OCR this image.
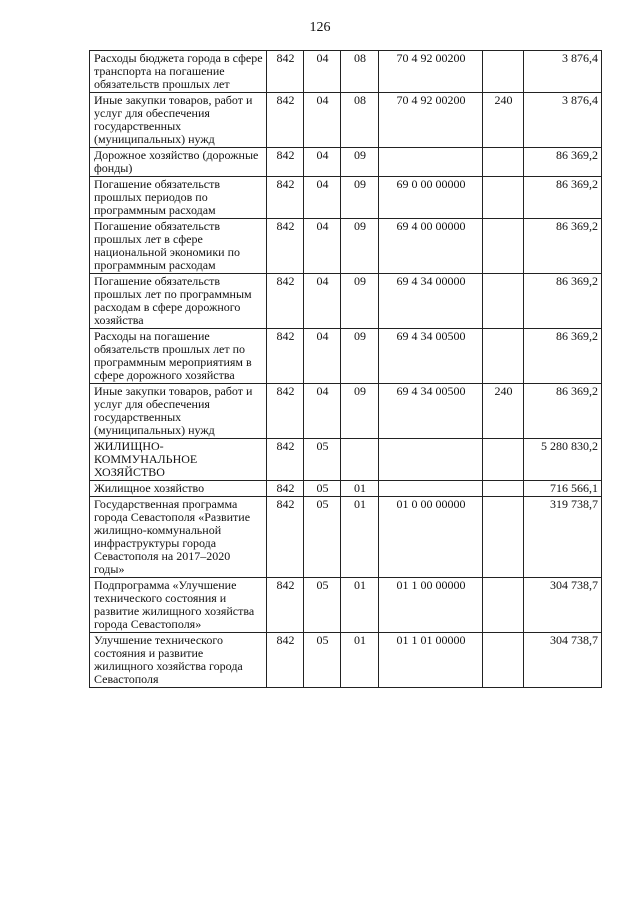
126
Расходы бюджета города в сфере транспорта на погашение обязательств прошлых лет	842	04	08	70 4 92 00200		3 876,4
Иные закупки товаров, работ и услуг для обеспечения государственных (муниципальных) нужд	842	04	08	70 4 92 00200	240	3 876,4
Дорожное хозяйство (дорожные фонды)	842	04	09			86 369,2
Погашение обязательств прошлых периодов по программным расходам	842	04	09	69 0 00 00000		86 369,2
Погашение обязательств прошлых лет в сфере национальной экономики по программным расходам	842	04	09	69 4 00 00000		86 369,2
Погашение обязательств прошлых лет по программным расходам в сфере дорожного хозяйства	842	04	09	69 4 34 00000		86 369,2
Расходы на погашение обязательств прошлых лет по программным мероприятиям в сфере дорожного хозяйства	842	04	09	69 4 34 00500		86 369,2
Иные закупки товаров, работ и услуг для обеспечения государственных (муниципальных) нужд	842	04	09	69 4 34 00500	240	86 369,2
ЖИЛИЩНО-КОММУНАЛЬНОЕ ХОЗЯЙСТВО	842	05				5 280 830,2
Жилищное хозяйство	842	05	01			716 566,1
Государственная программа города Севастополя «Развитие жилищно-коммунальной инфраструктуры города Севастополя на 2017–2020 годы»	842	05	01	01 0 00 00000		319 738,7
Подпрограмма «Улучшение технического состояния и развитие жилищного хозяйства города Севастополя»	842	05	01	01 1 00 00000		304 738,7
Улучшение технического состояния и развитие жилищного хозяйства города Севастополя	842	05	01	01 1 01 00000		304 738,7
